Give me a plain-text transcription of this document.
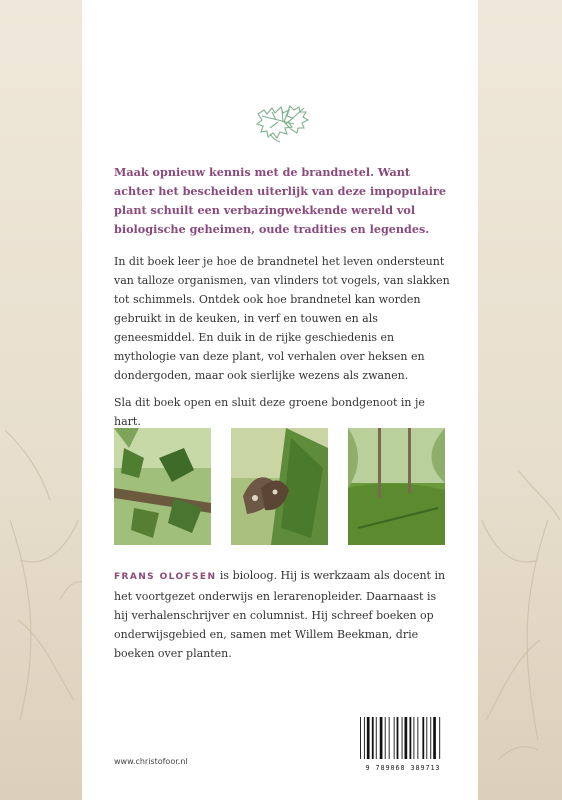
Maak opnieuw kennis met de brandnetel. Want achter het bescheiden uiterlijk van deze impopulaire plant schuilt een verbazingwekkende wereld vol biologische geheimen, oude tradities en legendes.

In dit boek leer je hoe de brandnetel het leven ondersteunt van talloze organismen, van vlinders tot vogels, van slakken tot schimmels. Ontdek ook hoe brandnetel kan worden gebruikt in de keuken, in verf en touwen en als geneesmiddel. En duik in de rijke geschiedenis en mythologie van deze plant, vol verhalen over heksen en dondergoden, maar ook sierlijke wezens als zwanen.

Sla dit boek open en sluit deze groene bondgenoot in je hart.

FRANS OLOFSEN is bioloog. Hij is werkzaam als docent in het voortgezet onderwijs en lerarenopleider. Daarnaast is hij verhalenschrijver en columnist. Hij schreef boeken op onderwijsgebied en, samen met Willem Beekman, drie boeken over planten.

www.christofoor.nl
9 789060 389713
